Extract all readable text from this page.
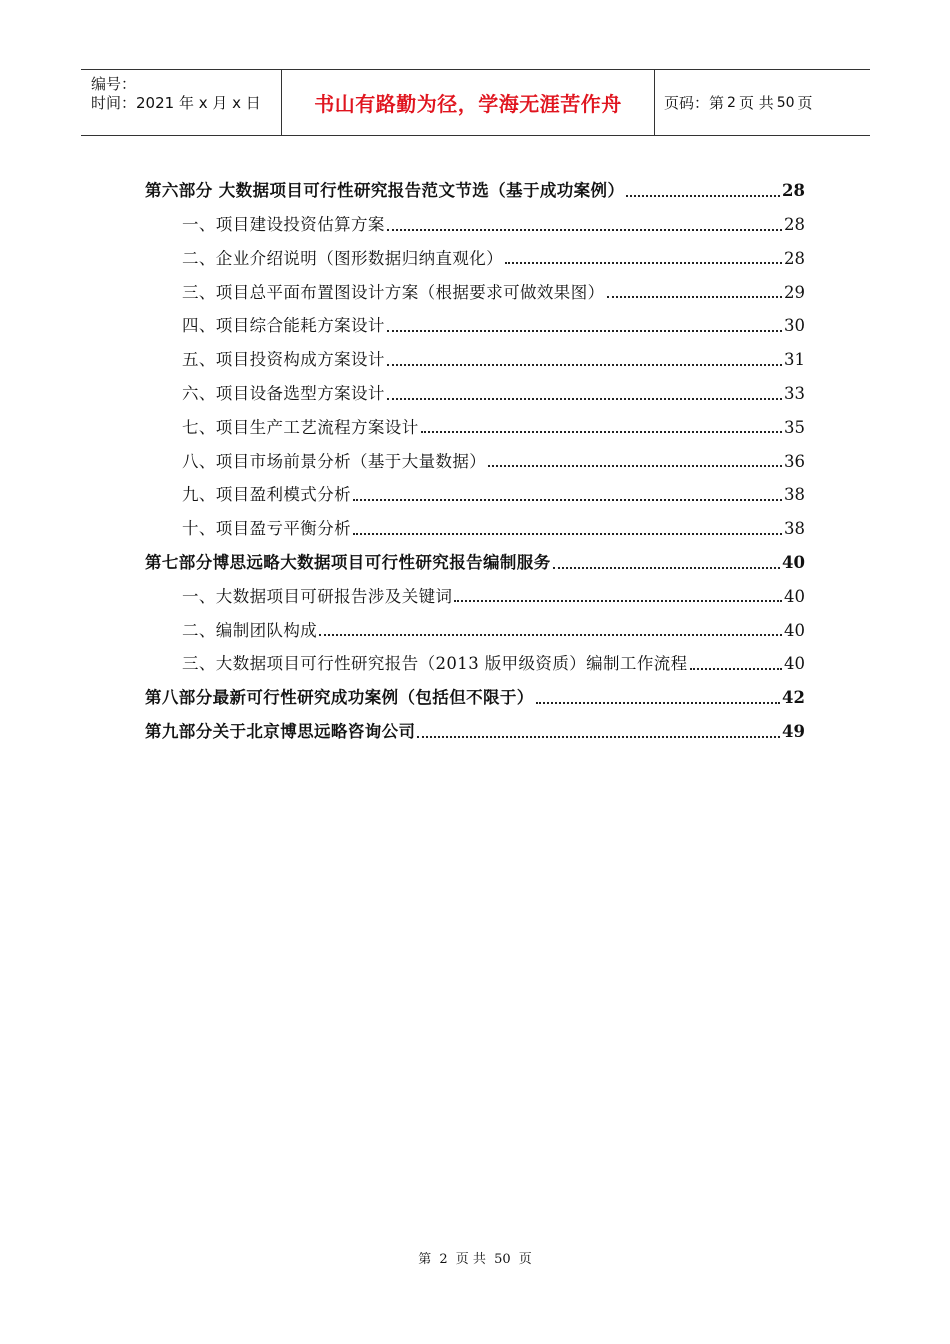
编号：
时间：2021 年 x 月 x 日	书山有路勤为径，学海无涯苦作舟	页码：第 2 页 共 50 页
第六部分 大数据项目可行性研究报告范文节选（基于成功案例）	28
一、项目建设投资估算方案	28
二、企业介绍说明（图形数据归纳直观化）	28
三、项目总平面布置图设计方案（根据要求可做效果图）	29
四、项目综合能耗方案设计	30
五、项目投资构成方案设计	31
六、项目设备选型方案设计	33
七、项目生产工艺流程方案设计	35
八、项目市场前景分析（基于大量数据）	36
九、项目盈利模式分析	38
十、项目盈亏平衡分析	38
第七部分博思远略大数据项目可行性研究报告编制服务	40
一、大数据项目可研报告涉及关键词	40
二、编制团队构成	40
三、大数据项目可行性研究报告（2013 版甲级资质）编制工作流程	40
第八部分最新可行性研究成功案例（包括但不限于）	42
第九部分关于北京博思远略咨询公司	49
第 2 页 共 50 页
